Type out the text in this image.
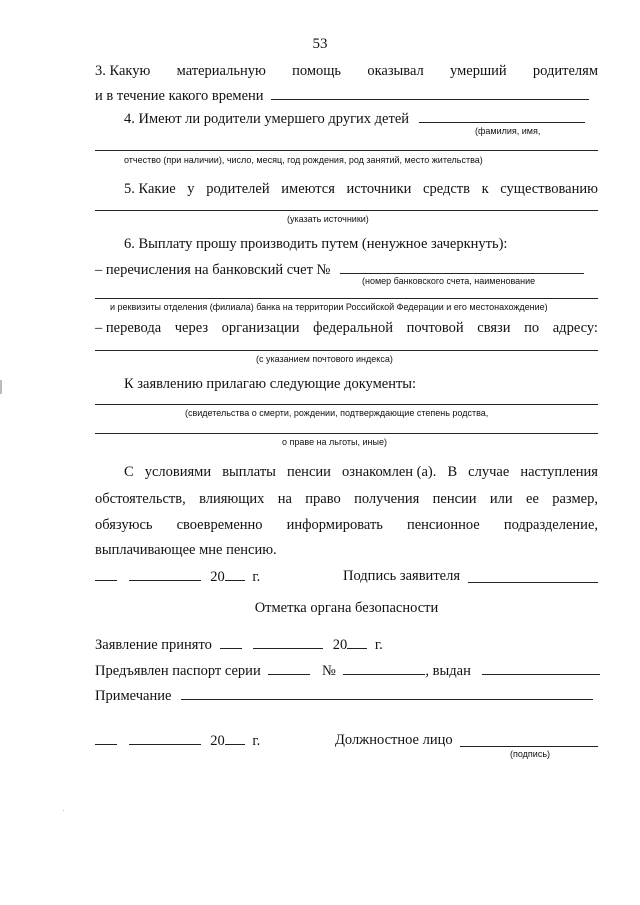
53
3. Какую материальную помощь оказывал умерший родителям
и в течение какого времени
4. Имеют ли родители умершего других детей
(фамилия, имя,
отчество (при наличии), число, месяц, год рождения, род занятий, место жительства)
5. Какие у родителей имеются источники средств к существованию
(указать источники)
6. Выплату прошу производить путем (ненужное зачеркнуть):
– перечисления на банковский счет №
(номер банковского счета, наименование
и реквизиты отделения (филиала) банка на территории Российской Федерации и его местонахождение)
– перевода через организации федеральной почтовой связи по адресу:
(с указанием почтового индекса)
К заявлению прилагаю следующие документы:
(свидетельства о смерти, рождении, подтверждающие степень родства,
о праве на льготы, иные)
С условиями выплаты пенсии ознакомлен (а). В случае наступления
обстоятельств, влияющих на право получения пенсии или ее размер,
обязуюсь своевременно информировать пенсионное подразделение,
выплачивающее мне пенсию.
20 г.	Подпись заявителя
Отметка органа безопасности
Заявление принято	20 г.
Предъявлен паспорт серии	№	, выдан
Примечание
20 г.	Должностное лицо
(подпись)
